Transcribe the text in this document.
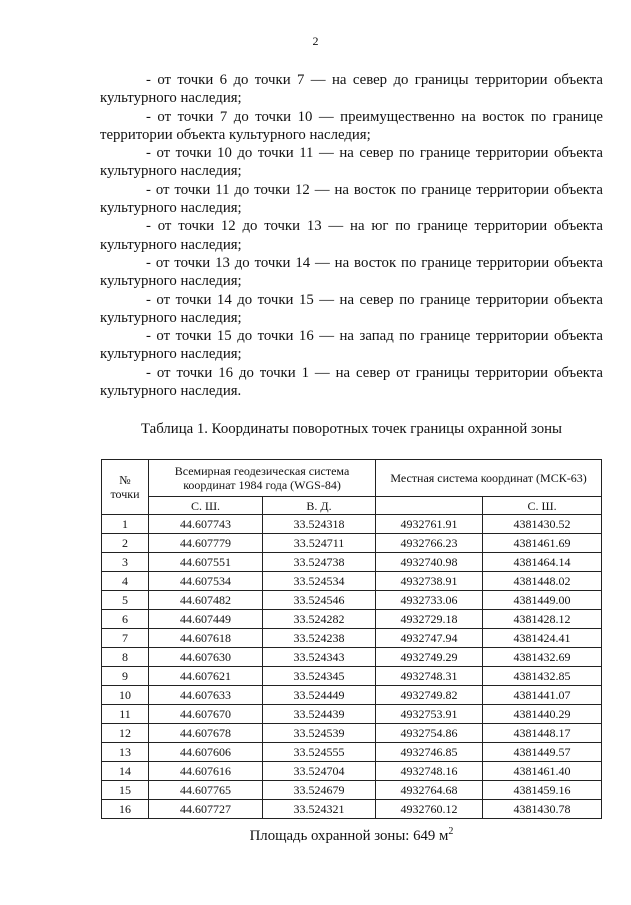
2

- от точки 6 до точки 7 — на север до границы территории объекта
культурного наследия;

- от точки 7 до точки 10 — преимущественно на восток по границе
территории объекта культурного наследия;

- от точки 10 до точки 11 — на север по границе территории объекта
культурного наследия;

- от точки 11 до точки 12 — на восток по границе территории объекта
культурного наследия;

- от точки 12 до точки 13 — на юг по границе территории объекта
культурного наследия;

- от точки 13 до точки 14 — на восток по границе территории объекта
культурного наследия;

- от точки 14 до точки 15 — на север по границе территории объекта
культурного наследия;

- от точки 15 до точки 16 — на запад по границе территории объекта
культурного наследия;

- от точки 16 до точки 1 — на север от границы территории объекта
культурного наследия.

Таблица 1. Координаты поворотных точек границы охранной зоны
№ точки	Всемирная геодезическая система координат 1984 года (WGS-84)		Местная система координат (МСК-63)	
	С. Ш.	В. Д.		С. Ш.
1	44.607743	33.524318	4932761.91	4381430.52
2	44.607779	33.524711	4932766.23	4381461.69
3	44.607551	33.524738	4932740.98	4381464.14
4	44.607534	33.524534	4932738.91	4381448.02
5	44.607482	33.524546	4932733.06	4381449.00
6	44.607449	33.524282	4932729.18	4381428.12
7	44.607618	33.524238	4932747.94	4381424.41
8	44.607630	33.524343	4932749.29	4381432.69
9	44.607621	33.524345	4932748.31	4381432.85
10	44.607633	33.524449	4932749.82	4381441.07
11	44.607670	33.524439	4932753.91	4381440.29
12	44.607678	33.524539	4932754.86	4381448.17
13	44.607606	33.524555	4932746.85	4381449.57
14	44.607616	33.524704	4932748.16	4381461.40
15	44.607765	33.524679	4932764.68	4381459.16
16	44.607727	33.524321	4932760.12	4381430.78
Площадь охранной зоны: 649 $м^2$
